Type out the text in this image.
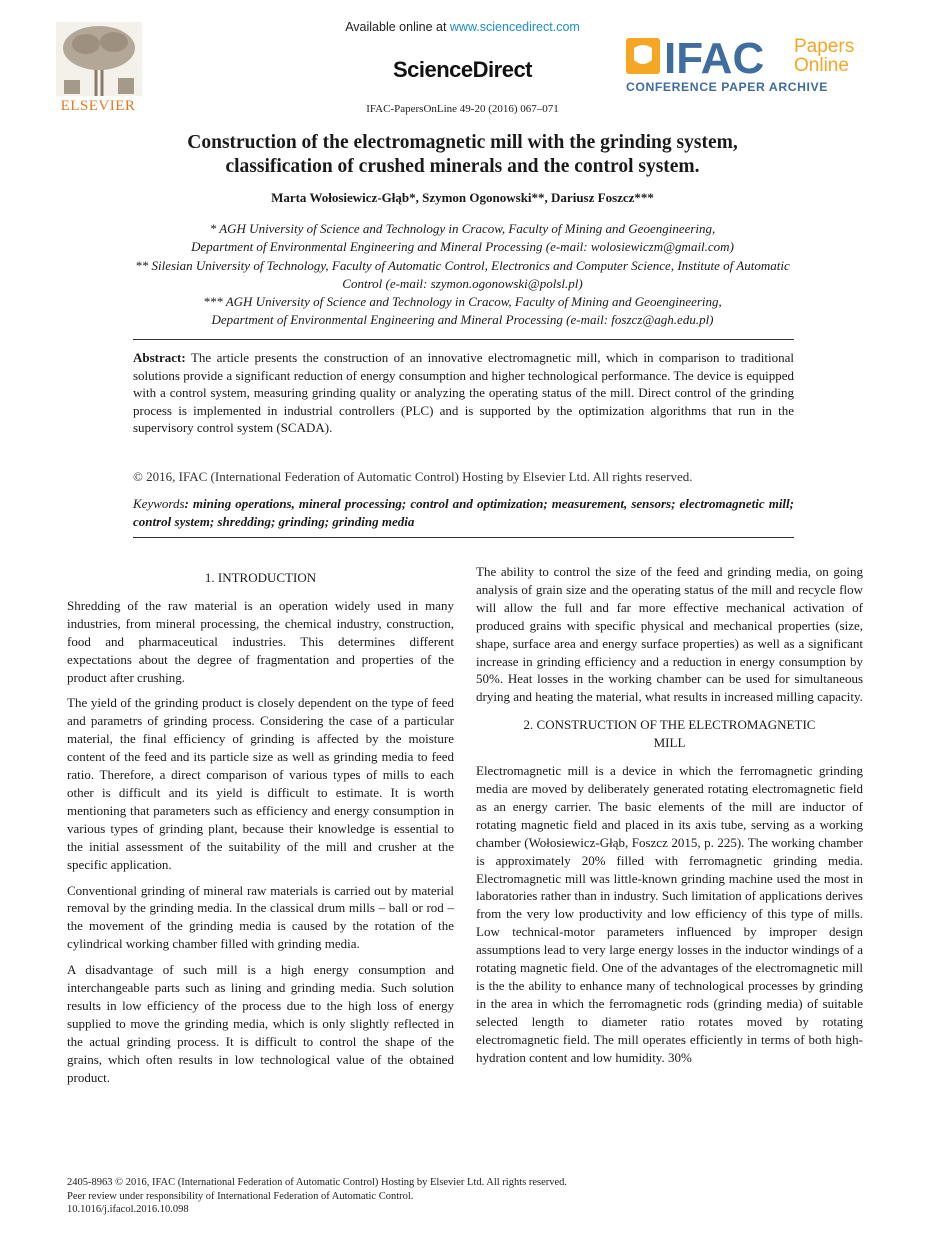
Available online at www.sciencedirect.com
ScienceDirect
IFAC-PapersOnLine 49-20 (2016) 067–071
ELSEVIER
IFAC Papers
Online
CONFERENCE PAPER ARCHIVE
Construction of the electromagnetic mill with the grinding system,
classification of crushed minerals and the control system.
Marta Wołosiewicz-Głąb*, Szymon Ogonowski**, Dariusz Foszcz***
* AGH University of Science and Technology in Cracow, Faculty of Mining and Geoengineering,
Department of Environmental Engineering and Mineral Processing (e-mail: wolosiewiczm@gmail.com)
** Silesian University of Technology, Faculty of Automatic Control, Electronics and Computer Science, Institute of Automatic
Control (e-mail: szymon.ogonowski@polsl.pl)
*** AGH University of Science and Technology in Cracow, Faculty of Mining and Geoengineering,
Department of Environmental Engineering and Mineral Processing (e-mail: foszcz@agh.edu.pl)
Abstract: The article presents the construction of an innovative electromagnetic mill, which in comparison to traditional solutions provide a significant reduction of energy consumption and higher technological performance. The device is equipped with a control system, measuring grinding quality or analyzing the operating status of the mill. Direct control of the grinding process is implemented in industrial controllers (PLC) and is supported by the optimization algorithms that run in the supervisory control system (SCADA).
© 2016, IFAC (International Federation of Automatic Control) Hosting by Elsevier Ltd. All rights reserved.
Keywords: mining operations, mineral processing; control and optimization; measurement, sensors; electromagnetic mill; control system; shredding; grinding; grinding media
1. INTRODUCTION

Shredding of the raw material is an operation widely used in many industries, from mineral processing, the chemical industry, construction, food and pharmaceutical industries. This determines different expectations about the degree of fragmentation and properties of the product after crushing.

The yield of the grinding product is closely dependent on the type of feed and parametrs of grinding process. Considering the case of a particular material, the final efficiency of grinding is affected by the moisture content of the feed and its particle size as well as grinding media to feed ratio. Therefore, a direct comparison of various types of mills to each other is difficult and its yield is difficult to estimate. It is worth mentioning that parameters such as efficiency and energy consumption in various types of grinding plant, because their knowledge is essential to the initial assessment of the suitability of the mill and crusher at the specific application.

Conventional grinding of mineral raw materials is carried out by material removal by the grinding media. In the classical drum mills – ball or rod – the movement of the grinding media is caused by the rotation of the cylindrical working chamber filled with grinding media.

A disadvantage of such mill is a high energy consumption and interchangeable parts such as lining and grinding media. Such solution results in low efficiency of the process due to the high loss of energy supplied to move the grinding media, which is only slightly reflected in the actual grinding process. It is difficult to control the shape of the grains, which often results in low technological value of the obtained product.

The ability to control the size of the feed and grinding media, on going analysis of grain size and the operating status of the mill and recycle flow will allow the full and far more effective mechanical activation of produced grains with specific physical and mechanical properties (size, shape, surface area and energy surface properties) as well as a significant increase in grinding efficiency and a reduction in energy consumption by 50%. Heat losses in the working chamber can be used for simultaneous drying and heating the material, what results in increased milling capacity.

2. CONSTRUCTION OF THE ELECTROMAGNETIC
MILL

Electromagnetic mill is a device in which the ferromagnetic grinding media are moved by deliberately generated rotating electromagnetic field as an energy carrier. The basic elements of the mill are inductor of rotating magnetic field and placed in its axis tube, serving as a working chamber (Wołosiewicz-Głąb, Foszcz 2015, p. 225). The working chamber is approximately 20% filled with ferromagnetic grinding media. Electromagnetic mill was little-known grinding machine used the most in laboratories rather than in industry. Such limitation of applications derives from the very low productivity and low efficiency of this type of mills. Low technical-motor parameters influenced by improper design assumptions lead to very large energy losses in the inductor windings of a rotating magnetic field. One of the advantages of the electromagnetic mill is the the ability to enhance many of technological processes by grinding in the area in which the ferromagnetic rods (grinding media) of suitable selected length to diameter ratio rotates moved by rotating electromagnetic field. The mill operates efficiently in terms of both high-hydration content and low humidity. 30%

2405-8963 © 2016, IFAC (International Federation of Automatic Control) Hosting by Elsevier Ltd. All rights reserved.
Peer review under responsibility of International Federation of Automatic Control.
10.1016/j.ifacol.2016.10.098
